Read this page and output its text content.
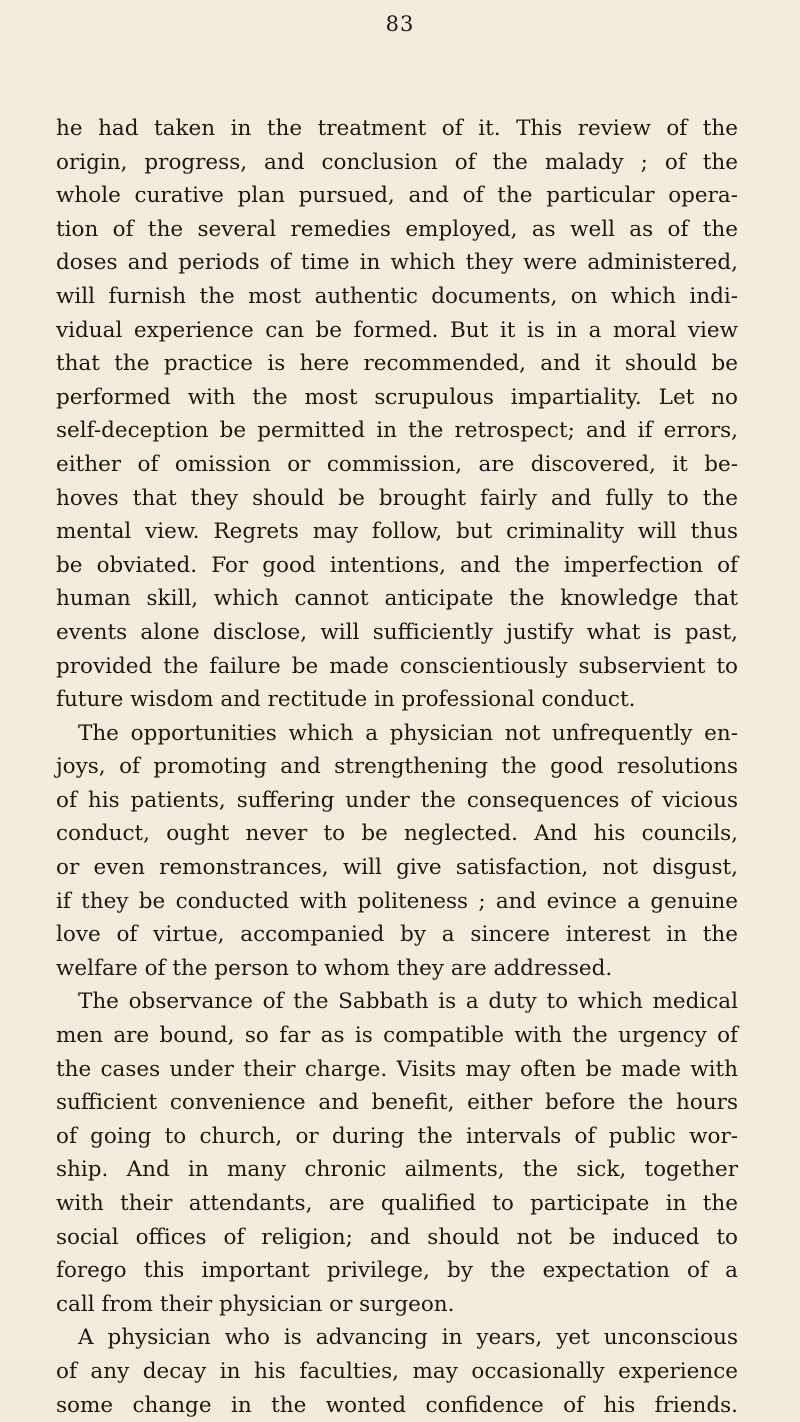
83
he had taken in the treatment of it. This review of the
origin, progress, and conclusion of the malady ; of the
whole curative plan pursued, and of the particular opera-
tion of the several remedies employed, as well as of the
doses and periods of time in which they were administered,
will furnish the most authentic documents, on which indi-
vidual experience can be formed. But it is in a moral view
that the practice is here recommended, and it should be
performed with the most scrupulous impartiality. Let no
self-deception be permitted in the retrospect; and if errors,
either of omission or commission, are discovered, it be-
hoves that they should be brought fairly and fully to the
mental view. Regrets may follow, but criminality will thus
be obviated. For good intentions, and the imperfection of
human skill, which cannot anticipate the knowledge that
events alone disclose, will sufficiently justify what is past,
provided the failure be made conscientiously subservient to
future wisdom and rectitude in professional conduct.
The opportunities which a physician not unfrequently en-
joys, of promoting and strengthening the good resolutions
of his patients, suffering under the consequences of vicious
conduct, ought never to be neglected. And his councils,
or even remonstrances, will give satisfaction, not disgust,
if they be conducted with politeness ; and evince a genuine
love of virtue, accompanied by a sincere interest in the
welfare of the person to whom they are addressed.
The observance of the Sabbath is a duty to which medical
men are bound, so far as is compatible with the urgency of
the cases under their charge. Visits may often be made with
sufficient convenience and benefit, either before the hours
of going to church, or during the intervals of public wor-
ship. And in many chronic ailments, the sick, together
with their attendants, are qualified to participate in the
social offices of religion; and should not be induced to
forego this important privilege, by the expectation of a
call from their physician or surgeon.
A physician who is advancing in years, yet unconscious
of any decay in his faculties, may occasionally experience
some change in the wonted confidence of his friends.
